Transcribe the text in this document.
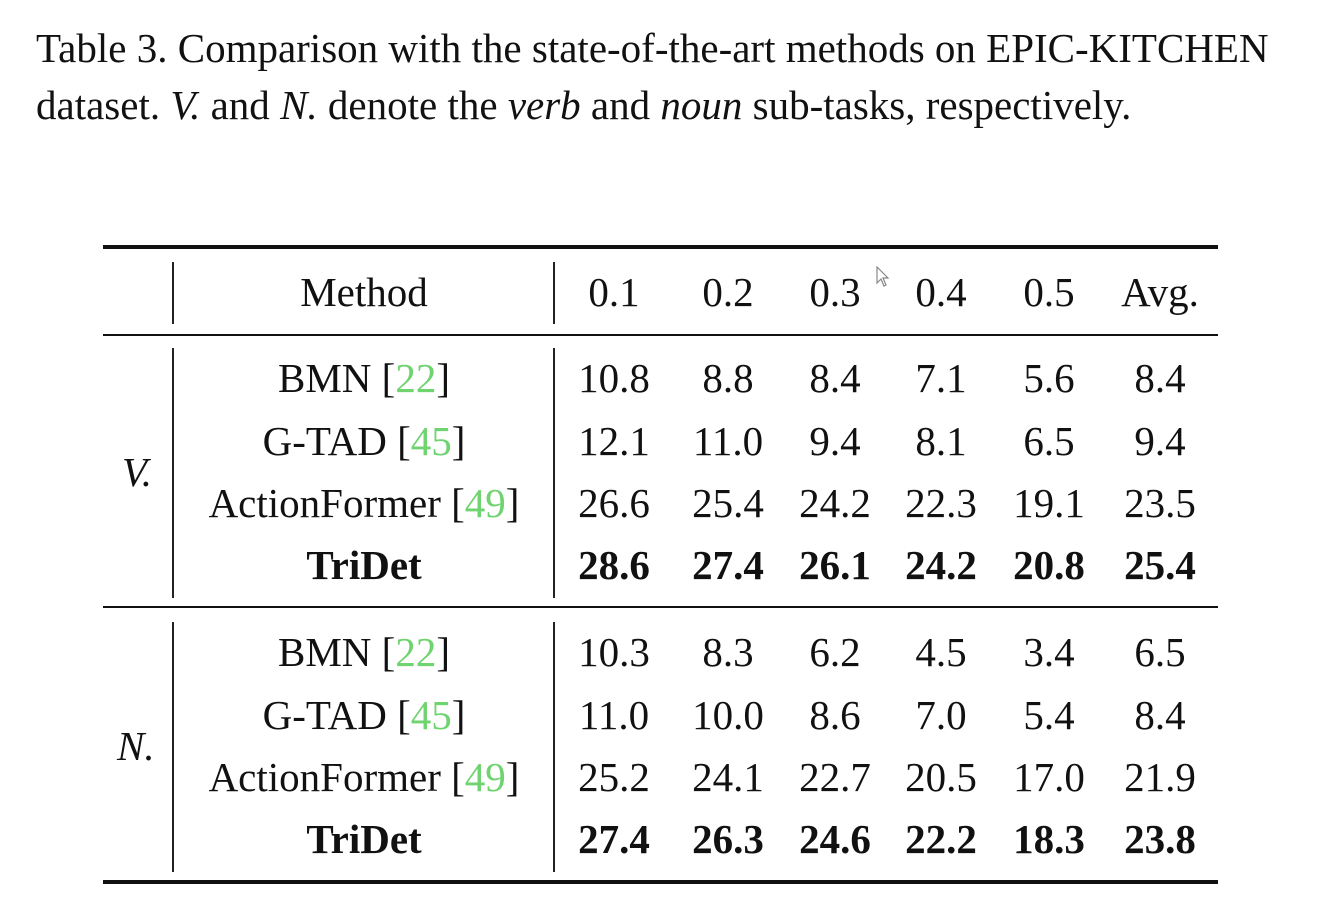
Table 3. Comparison with the state-of-the-art methods on EPIC-KITCHEN dataset. V. and N. denote the verb and noun sub-tasks, respectively.

Method	0.1	0.2	0.3	0.4	0.5	Avg.
V.
BMN [22]	10.8	8.8	8.4	7.1	5.6	8.4
G-TAD [45]	12.1	11.0	9.4	8.1	6.5	9.4
ActionFormer [49]	26.6	25.4 24.2 22.3 19.1 23.5
TriDet	28.6	27.4 26.1 24.2 20.8 25.4
N.
BMN [22]	10.3	8.3	6.2	4.5	3.4	6.5
G-TAD [45]	11.0	10.0	8.6	7.0	5.4	8.4
ActionFormer [49]	25.2	24.1 22.7 20.5 17.0 21.9
TriDet	27.4	26.3 24.6 22.2 18.3 23.8
